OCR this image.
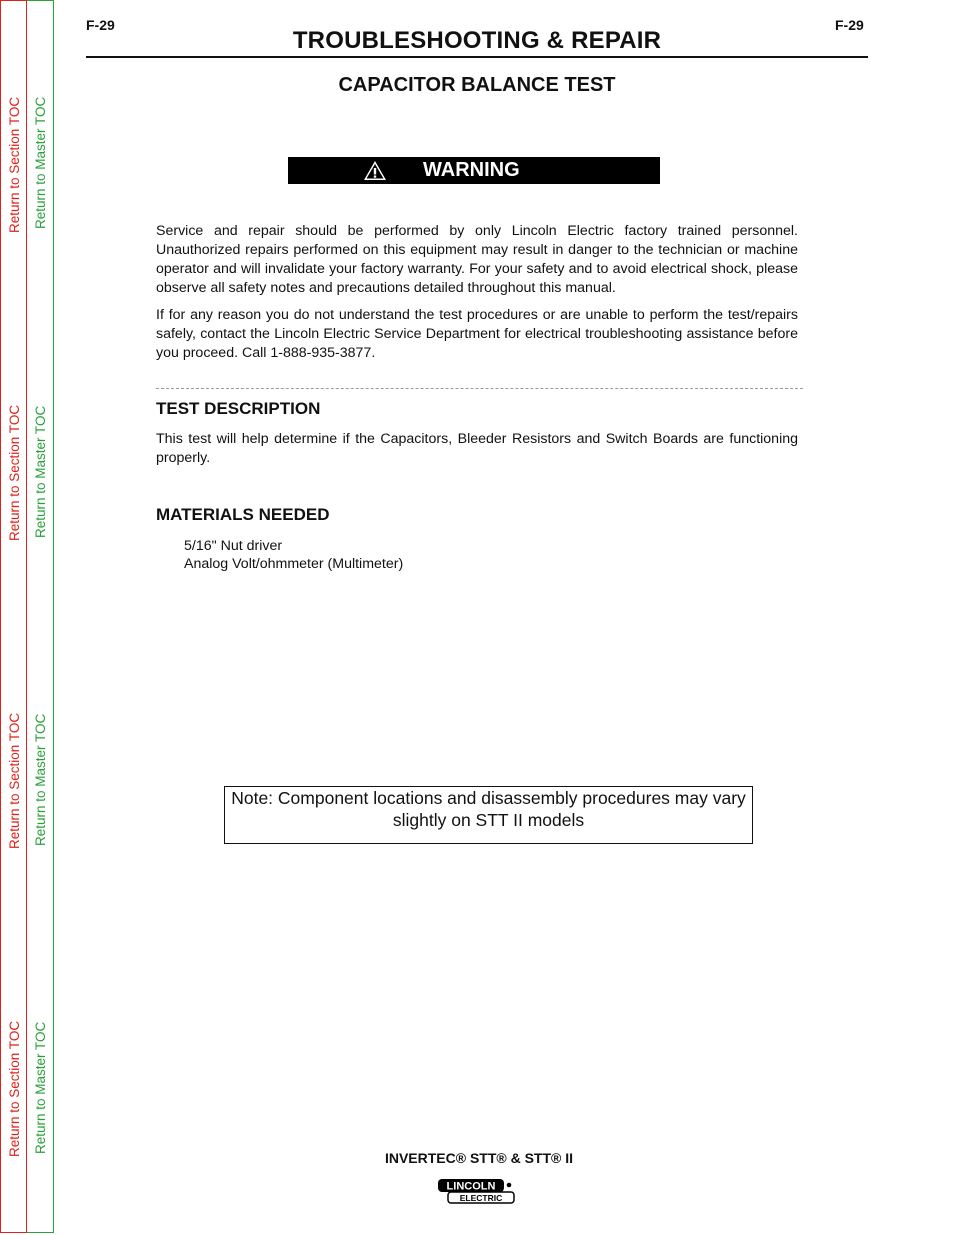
Return to Section TOC
Return to Section TOC
Return to Section TOC
Return to Section TOC
Return to Master TOC
Return to Master TOC
Return to Master TOC
Return to Master TOC
F-29	F-29
TROUBLESHOOTING & REPAIR
CAPACITOR BALANCE TEST
WARNING
Service and repair should be performed by only Lincoln Electric factory trained personnel. Unauthorized repairs performed on this equipment may result in danger to the technician or machine operator and will invalidate your factory warranty. For your safety and to avoid electrical shock, please observe all safety notes and precautions detailed throughout this manual.
If for any reason you do not understand the test procedures or are unable to perform the test/repairs safely, contact the Lincoln Electric Service Department for electrical troubleshooting assistance before you proceed. Call 1-888-935-3877.
TEST DESCRIPTION
This test will help determine if the Capacitors, Bleeder Resistors and Switch Boards are functioning properly.
MATERIALS NEEDED
5/16" Nut driver
Analog Volt/ohmmeter (Multimeter)
Note: Component locations and disassembly procedures may vary slightly on STT II models
INVERTEC® STT® & STT® II
LINCOLN
ELECTRIC
